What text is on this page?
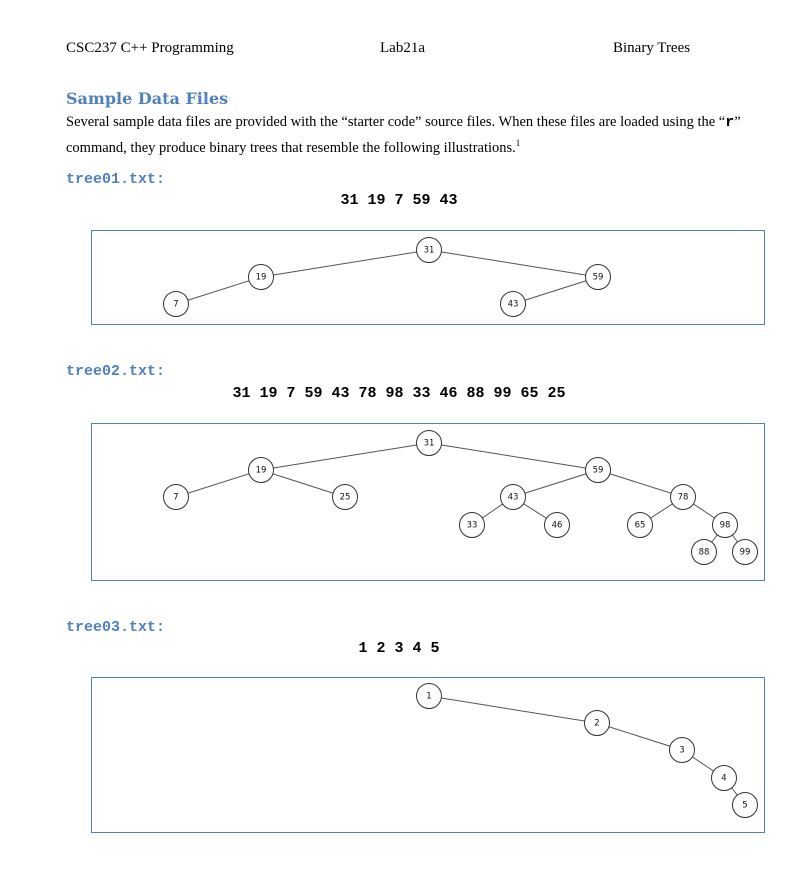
CSC237 C++ Programming	Lab21a	Binary Trees
Sample Data Files
Several sample data files are provided with the “starter code” source files. When these files are loaded using the “r” command, they produce binary trees that resemble the following illustrations.$^1$
tree01.txt:
31 19 7 59 43
31
19
7
59
43
tree02.txt:
31 19 7 59 43 78 98 33 46 88 99 65 25
31
19
7	25
59
43
33	46
78
65	98
88	99
tree03.txt:
1 2 3 4 5
1
2
3
4
5
